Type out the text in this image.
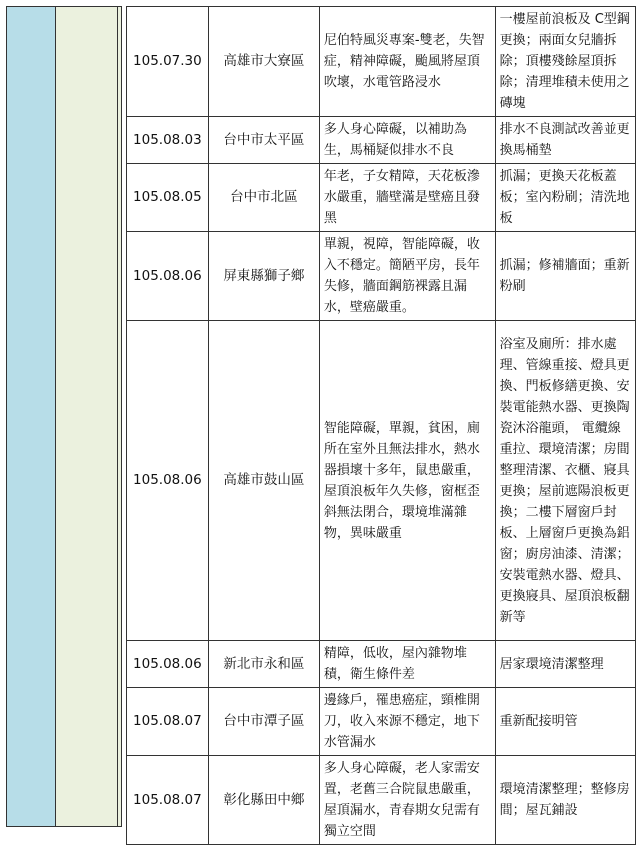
105.07.30	高雄市大寮區	尼伯特風災專案-雙老，失智症，精神障礙，颱風將屋頂吹壞，水電管路浸水	一樓屋前浪板及 C型鋼更換；兩面女兒牆拆除；頂樓殘餘屋頂拆除；清理堆積未使用之磚塊
105.08.03	台中市太平區	多人身心障礙，以補助為生，馬桶疑似排水不良	排水不良測試改善並更換馬桶墊
105.08.05	台中市北區	年老，子女精障，天花板滲水嚴重，牆壁滿是壁癌且發黑	抓漏；更換天花板蓋板；室內粉刷；清洗地板
105.08.06	屏東縣獅子鄉	單親，視障，智能障礙，收入不穩定。簡陋平房，長年失修，牆面鋼筋裸露且漏水，壁癌嚴重。	抓漏；修補牆面；重新粉刷
105.08.06	高雄市鼓山區	智能障礙，單親，貧困，廁所在室外且無法排水，熱水器損壞十多年，鼠患嚴重，屋頂浪板年久失修，窗框歪斜無法閉合，環境堆滿雜物，異味嚴重	浴室及廁所：排水處理、管線重接、燈具更換、門板修繕更換、安裝電能熱水器、更換陶瓷沐浴龍頭， 電纜線重拉、環境清潔；房間整理清潔、衣櫃、寢具更換；屋前遮陽浪板更換；二樓下層窗戶封板、上層窗戶更換為鋁窗；廚房油漆、清潔；安裝電熱水器、燈具、更換寢具、屋頂浪板翻新等
105.08.06	新北市永和區	精障，低收，屋內雜物堆積，衛生條件差	居家環境清潔整理
105.08.07	台中市潭子區	邊緣戶，罹患癌症，頸椎開刀，收入來源不穩定，地下水管漏水	重新配接明管
105.08.07	彰化縣田中鄉	多人身心障礙，老人家需安置，老舊三合院鼠患嚴重，屋頂漏水，青春期女兒需有獨立空間	環境清潔整理；整修房間；屋瓦鋪設
